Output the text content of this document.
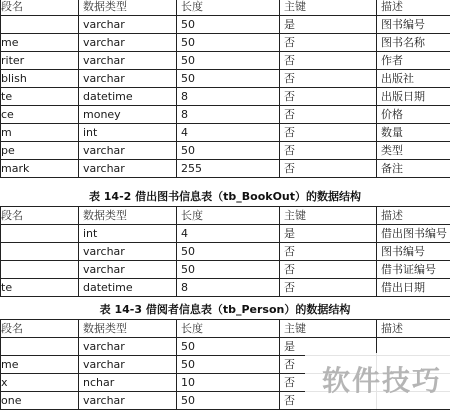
段名	数据类型	长度	主键	描述
	varchar	50	是	图书编号
me	varchar	50	否	图书名称
riter	varchar	50	否	作者
blish	varchar	50	否	出版社
te	datetime	8	否	出版日期
ce	money	8	否	价格
m	int	4	否	数量
pe	varchar	50	否	类型
mark	varchar	255	否	备注
表 14-2 借出图书信息表（tb_BookOut）的数据结构
段名	数据类型	长度	主键	描述
	int	4	是	借出图书编号
	varchar	50	否	图书编号
	varchar	50	否	借书证编号
te	datetime	8	否	借出日期
表 14-3 借阅者信息表（tb_Person）的数据结构
段名	数据类型	长度	主键	描述
	varchar	50	是	
me	varchar	50	否	
x	nchar	10	否	
one	varchar	50	否	
软件技巧
